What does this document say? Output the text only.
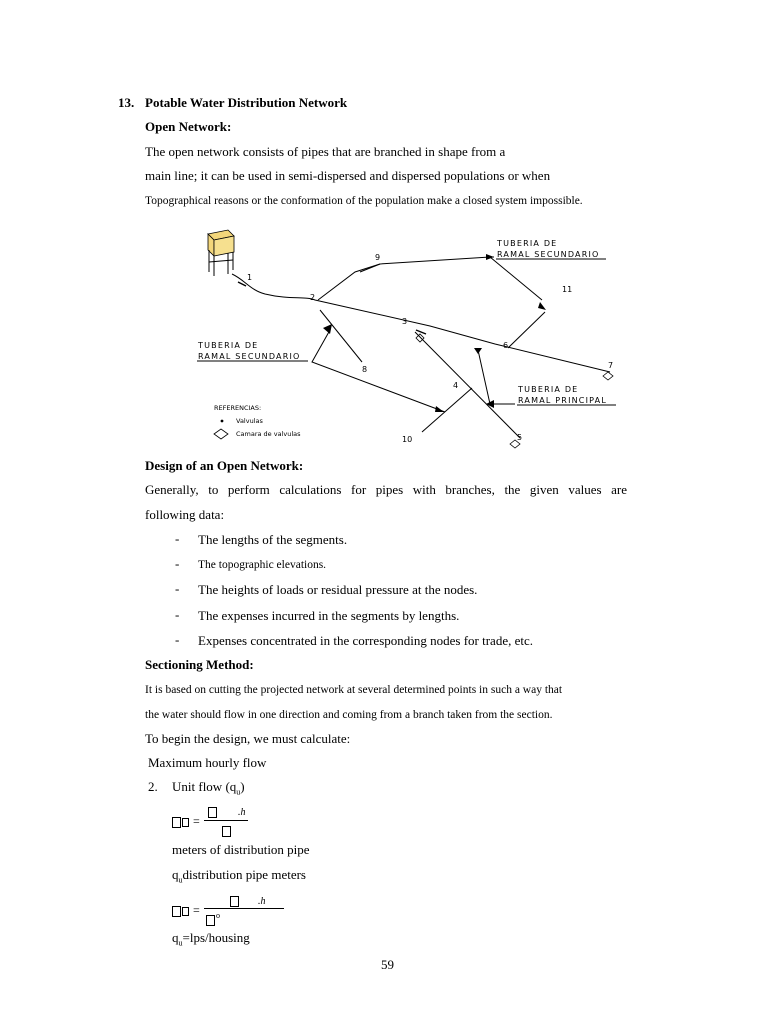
13. Potable Water Distribution Network
Open Network:
The open network consists of pipes that are branched in shape from a
main line; it can be used in semi-dispersed and dispersed populations or when
Topographical reasons or the conformation of the population make a closed system impossible.
1
2
3
4
5
6
7
8
9
10
11
TUBERIA DE
RAMAL SECUNDARIO
TUBERIA DE
RAMAL SECUNDARIO
TUBERIA DE
RAMAL PRINCIPAL
REFERENCIAS:
Valvulas
Camara de valvulas
Design of an Open Network:
Generally, to perform calculations for pipes with branches, the given values are
following data:
- The lengths of the segments.
- The topographic elevations.
- The heights of loads or residual pressure at the nodes.
- The expenses incurred in the segments by lengths.
- Expenses concentrated in the corresponding nodes for trade, etc.
Sectioning Method:
It is based on cutting the projected network at several determined points in such a way that
the water should flow in one direction and coming from a branch taken from the section.
To begin the design, we must calculate:
Maximum hourly flow
2. Unit flow $(q_u)$
=
.h
meters of distribution pipe
$q_udistribution$ pipe meters
=
.h
$^o$
$q_u=lps$/housing
59
